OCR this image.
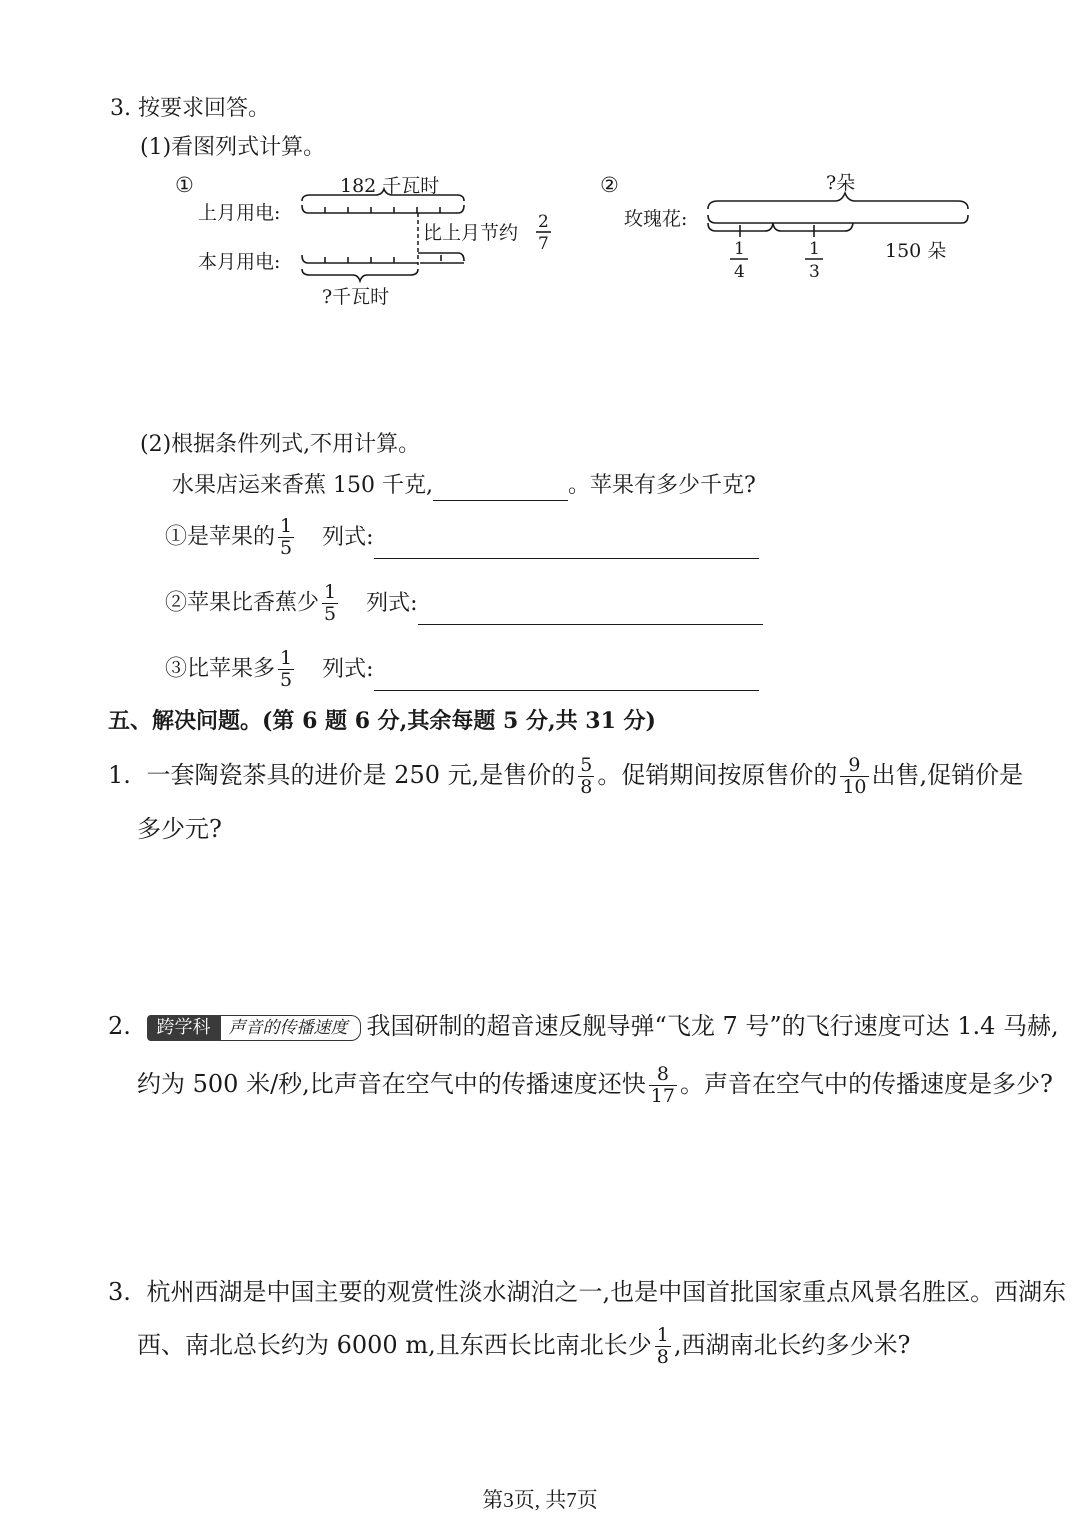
3. 按要求回答。
(1)看图列式计算。
①	182 千瓦时
上月用电:
比上月节约 2
7
本月用电:
?千瓦时
②	?朵
玫瑰花:
1
4
1
3
150 朵
(2)根据条件列式,不用计算。
水果店运来香蕉 150 千克,	。苹果有多少千克?
①是苹果的 $\frac{1}{5}$ 列式:
②苹果比香蕉少 $\frac{1}{5}$ 列式:
③比苹果多 $\frac{1}{5}$ 列式:
五、解决问题。(第 6 题 6 分,其余每题 5 分,共 31 分)
1. 一套陶瓷茶具的进价是 250 元,是售价的 $\frac{5}{8}$ 。促销期间按原售价的 $\frac{9}{10}$ 出售,促销价是
多少元?
2.	跨学科	声音的传播速度 我国研制的超音速反舰导弹“飞龙 7 号”的飞行速度可达 1.4 马赫,
约为 500 米/秒,比声音在空气中的传播速度还快 $\frac{8}{17}$ 。声音在空气中的传播速度是多少?
3. 杭州西湖是中国主要的观赏性淡水湖泊之一,也是中国首批国家重点风景名胜区。西湖东
西、南北总长约为 6000 m,且东西长比南北长少 $\frac{1}{8}$ ,西湖南北长约多少米?
第3页, 共7页
